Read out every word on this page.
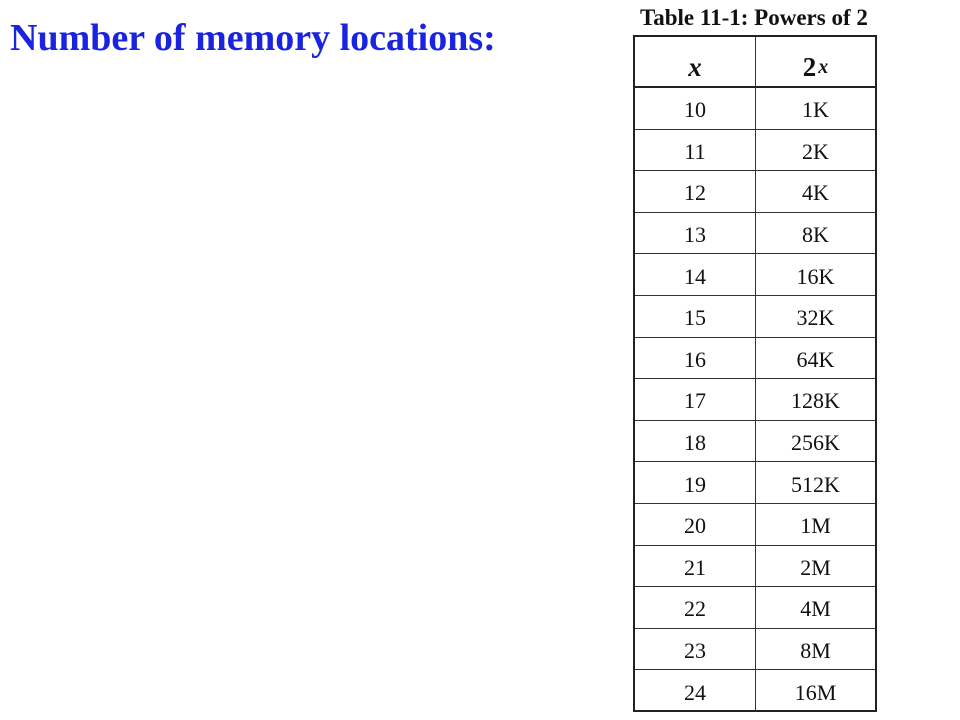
Number of memory locations:	Table 11-1: Powers of 2
x	2 x
10	1K
11	2K
12	4K
13	8K
14	16K
15	32K
16	64K
17	128K
18	256K
19	512K
20	1M
21	2M
22	4M
23	8M
24	16M
